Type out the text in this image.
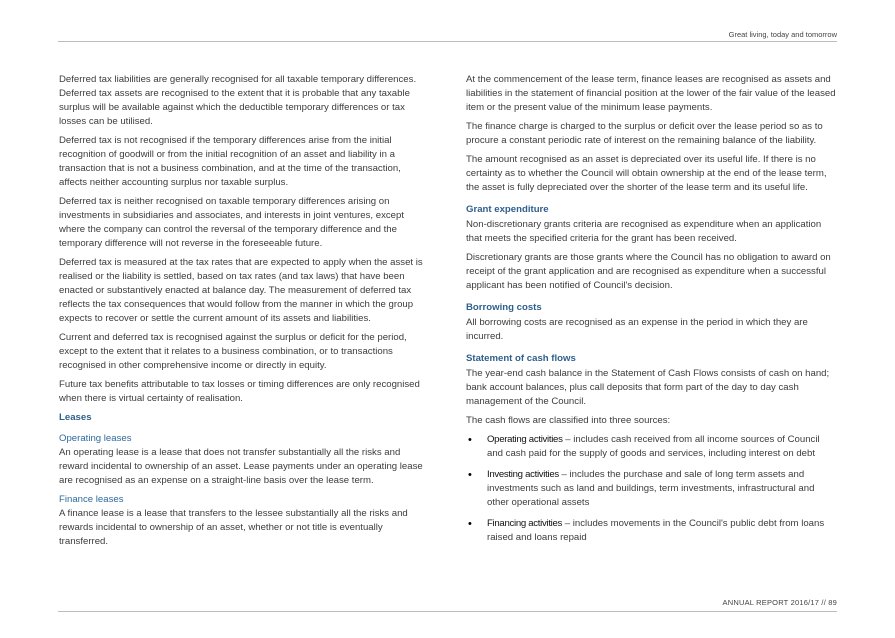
Great living, today and tomorrow

Deferred tax liabilities are generally recognised for all taxable temporary differences. Deferred tax assets are recognised to the extent that it is probable that any taxable surplus will be available against which the deductible temporary differences or tax losses can be utilised.

Deferred tax is not recognised if the temporary differences arise from the initial recognition of goodwill or from the initial recognition of an asset and liability in a transaction that is not a business combination, and at the time of the transaction, affects neither accounting surplus nor taxable surplus.

Deferred tax is neither recognised on taxable temporary differences arising on investments in subsidiaries and associates, and interests in joint ventures, except where the company can control the reversal of the temporary difference and the temporary difference will not reverse in the foreseeable future.

Deferred tax is measured at the tax rates that are expected to apply when the asset is realised or the liability is settled, based on tax rates (and tax laws) that have been enacted or substantively enacted at balance day. The measurement of deferred tax reflects the tax consequences that would follow from the manner in which the group expects to recover or settle the current amount of its assets and liabilities.

Current and deferred tax is recognised against the surplus or deficit for the period, except to the extent that it relates to a business combination, or to transactions recognised in other comprehensive income or directly in equity.

Future tax benefits attributable to tax losses or timing differences are only recognised when there is virtual certainty of realisation.

Leases
Operating leases

An operating lease is a lease that does not transfer substantially all the risks and reward incidental to ownership of an asset. Lease payments under an operating lease are recognised as an expense on a straight-line basis over the lease term.

Finance leases

A finance lease is a lease that transfers to the lessee substantially all the risks and rewards incidental to ownership of an asset, whether or not title is eventually transferred.

At the commencement of the lease term, finance leases are recognised as assets and liabilities in the statement of financial position at the lower of the fair value of the leased item or the present value of the minimum lease payments.

The finance charge is charged to the surplus or deficit over the lease period so as to procure a constant periodic rate of interest on the remaining balance of the liability.

The amount recognised as an asset is depreciated over its useful life. If there is no certainty as to whether the Council will obtain ownership at the end of the lease term, the asset is fully depreciated over the shorter of the lease term and its useful life.

Grant expenditure

Non-discretionary grants criteria are recognised as expenditure when an application that meets the specified criteria for the grant has been received.

Discretionary grants are those grants where the Council has no obligation to award on receipt of the grant application and are recognised as expenditure when a successful applicant has been notified of Council's decision.

Borrowing costs

All borrowing costs are recognised as an expense in the period in which they are incurred.

Statement of cash flows

The year-end cash balance in the Statement of Cash Flows consists of cash on hand; bank account balances, plus call deposits that form part of the day to day cash management of the Council.

The cash flows are classified into three sources:

• Operating activities – includes cash received from all income sources of Council and cash paid for the supply of goods and services, including interest on debt
• Investing activities – includes the purchase and sale of long term assets and investments such as land and buildings, term investments, infrastructural and other operational assets
• Financing activities – includes movements in the Council's public debt from loans raised and loans repaid
ANNUAL REPORT 2016/17 // 89
